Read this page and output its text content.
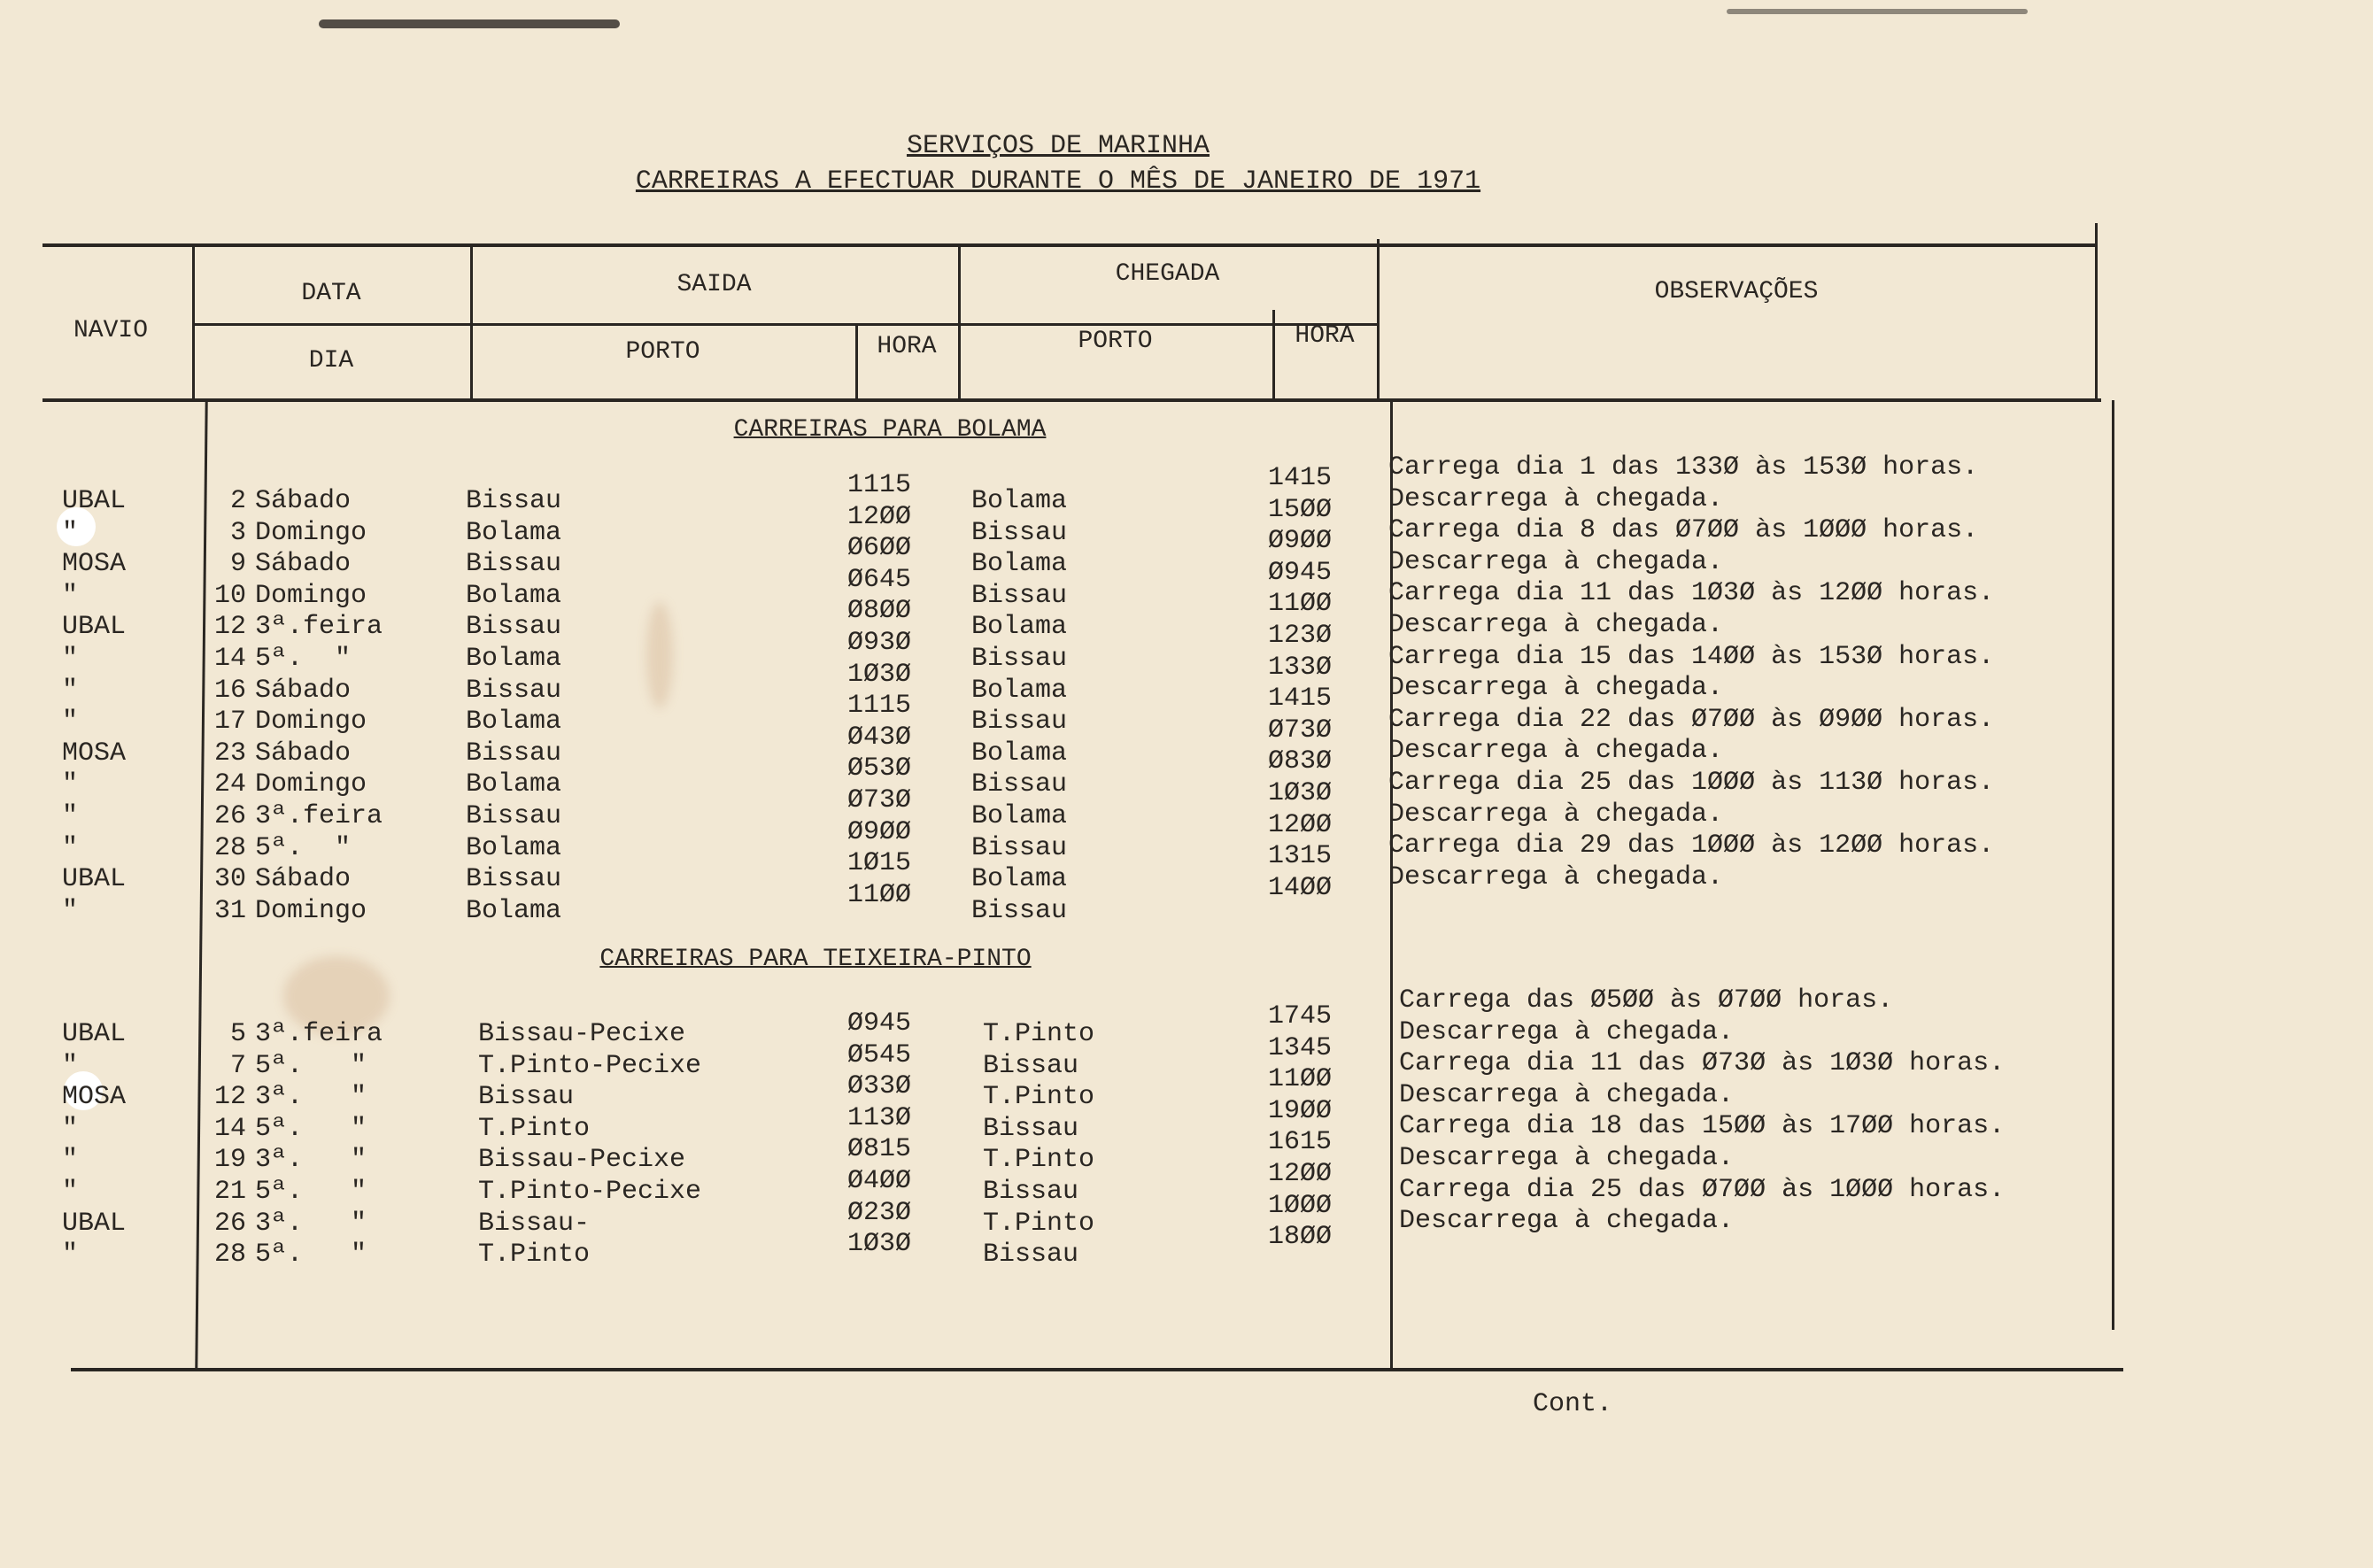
SERVIÇOS DE MARINHA
CARREIRAS A EFECTUAR DURANTE O MÊS DE JANEIRO DE 1971
NAVIO
DATA
DIA
SAIDA
PORTO	HORA
CHEGADA
PORTO	HORA
OBSERVAÇÕES
CARREIRAS PARA BOLAMA
CARREIRAS PARA TEIXEIRA-PINTO
UBAL
"
MOSA
"
UBAL
"
"
"
MOSA
"
"
"
UBAL
"
2
3
9
10
12
14
16
17
23
24
26
28
30
31
Sábado
Domingo
Sábado
Domingo
3ª.feira
5ª.  "
Sábado
Domingo
Sábado
Domingo
3ª.feira
5ª.  "
Sábado
Domingo
Bissau
Bolama
Bissau
Bolama
Bissau
Bolama
Bissau
Bolama
Bissau
Bolama
Bissau
Bolama
Bissau
Bolama
1115
12ØØ
Ø6ØØ
Ø645
Ø8ØØ
Ø93Ø
1Ø3Ø
1115
Ø43Ø
Ø53Ø
Ø73Ø
Ø9ØØ
1Ø15
11ØØ
Bolama
Bissau
Bolama
Bissau
Bolama
Bissau
Bolama
Bissau
Bolama
Bissau
Bolama
Bissau
Bolama
Bissau
1415
15ØØ
Ø9ØØ
Ø945
11ØØ
123Ø
133Ø
1415
Ø73Ø
Ø83Ø
1Ø3Ø
12ØØ
1315
14ØØ
Carrega dia 1 das 133Ø às 153Ø horas.
Descarrega à chegada.
Carrega dia 8 das Ø7ØØ às 1ØØØ horas.
Descarrega à chegada.
Carrega dia 11 das 1Ø3Ø às 12ØØ horas.
Descarrega à chegada.
Carrega dia 15 das 14ØØ às 153Ø horas.
Descarrega à chegada.
Carrega dia 22 das Ø7ØØ às Ø9ØØ horas.
Descarrega à chegada.
Carrega dia 25 das 1ØØØ às 113Ø horas.
Descarrega à chegada.
Carrega dia 29 das 1ØØØ às 12ØØ horas.
Descarrega à chegada.
UBAL
"
MOSA
"
"
"
UBAL
"
5
7
12
14
19
21
26
28
3ª.feira
5ª.   "
3ª.   "
5ª.   "
3ª.   "
5ª.   "
3ª.   "
5ª.   "
Bissau-Pecixe
T.Pinto-Pecixe
Bissau
T.Pinto
Bissau-Pecixe
T.Pinto-Pecixe
Bissau-
T.Pinto
Ø945
Ø545
Ø33Ø
113Ø
Ø815
Ø4ØØ
Ø23Ø
1Ø3Ø
T.Pinto
Bissau
T.Pinto
Bissau
T.Pinto
Bissau
T.Pinto
Bissau
1745
1345
11ØØ
19ØØ
1615
12ØØ
1ØØØ
18ØØ
Carrega das Ø5ØØ às Ø7ØØ horas.
Descarrega à chegada.
Carrega dia 11 das Ø73Ø às 1Ø3Ø horas.
Descarrega à chegada.
Carrega dia 18 das 15ØØ às 17ØØ horas.
Descarrega à chegada.
Carrega dia 25 das Ø7ØØ às 1ØØØ horas.
Descarrega à chegada.
Cont.
